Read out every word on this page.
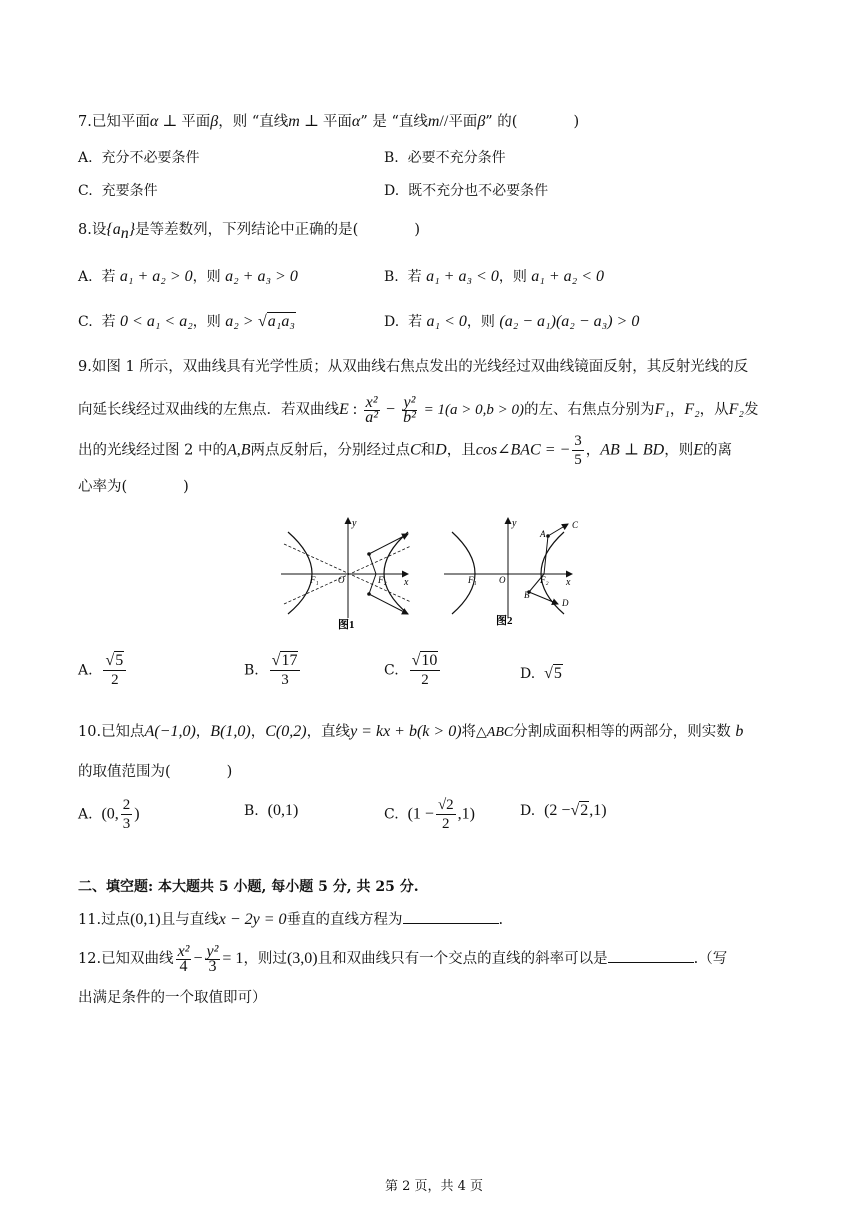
7.已知平面α ⊥ 平面β，则 “直线m ⊥ 平面α” 是 “直线m//平面β” 的(	)
A. 充分不必要条件	B. 必要不充分条件
C. 充要条件	D. 既不充分也不必要条件
8.设$\{a_n\}$是等差数列，下列结论中正确的是(	)
A. 若 a₁ + a₂ > 0，则 a₂ + a₃ > 0	B. 若 a₁ + a₃ < 0，则 a₁ + a₂ < 0
C. 若 0 < a₁ < a₂，则 a₂ > √a₁a₃	D. 若 a₁ < 0，则 (a₂ − a₁)(a₂ − a₃) > 0
9.如图 1 所示，双曲线具有光学性质；从双曲线右焦点发出的光线经过双曲线镜面反射，其反射光线的反
向延长线经过双曲线的左焦点．若双曲线E : $\frac{\text{x²}}{\text{a²}} - \frac{\text{y²}}{\text{b²}} = 1(a > 0,b > 0)$的左、右焦点分别为F₁，F₂，从F₂发
出的光线经过图 2 中的A,B两点反射后，分别经过点C和D，且cos∠BAC = − $\frac{3}{5}$ ，AB ⊥ BD，则E的离
心率为(	)
y
x
F₁ O	F₂
图1
y
x
F₁ O	F₂
A
B
C
D
图2
A. $\frac{√5}{2}$	B. $\frac{√17}{3}$	C. $\frac{√10}{2}$	D. √5
10.已知点A(−1,0)，B(1,0)，C(0,2)，直线y = kx + b(k > 0)将△ABC分割成面积相等的两部分，则实数 b
的取值范围为(	)
A. (0, $\frac{2}{3}$ )	B. (0,1)	C. $(1 - \frac{√2}{2} ,1)$	D. (2 −√2,1)
二、填空题: 本大题共 5 小题, 每小题 5 分, 共 25 分.
11.过点(0,1)且与直线x − 2y = 0垂直的直线方程为	.
12.已知双曲线 $\frac{\text{x²}}{4} - \frac{\text{y²}}{3} = 1$，则过(3,0)且和双曲线只有一个交点的直线的斜率可以是	.（写
出满足条件的一个取值即可）
第 2 页，共 4 页
